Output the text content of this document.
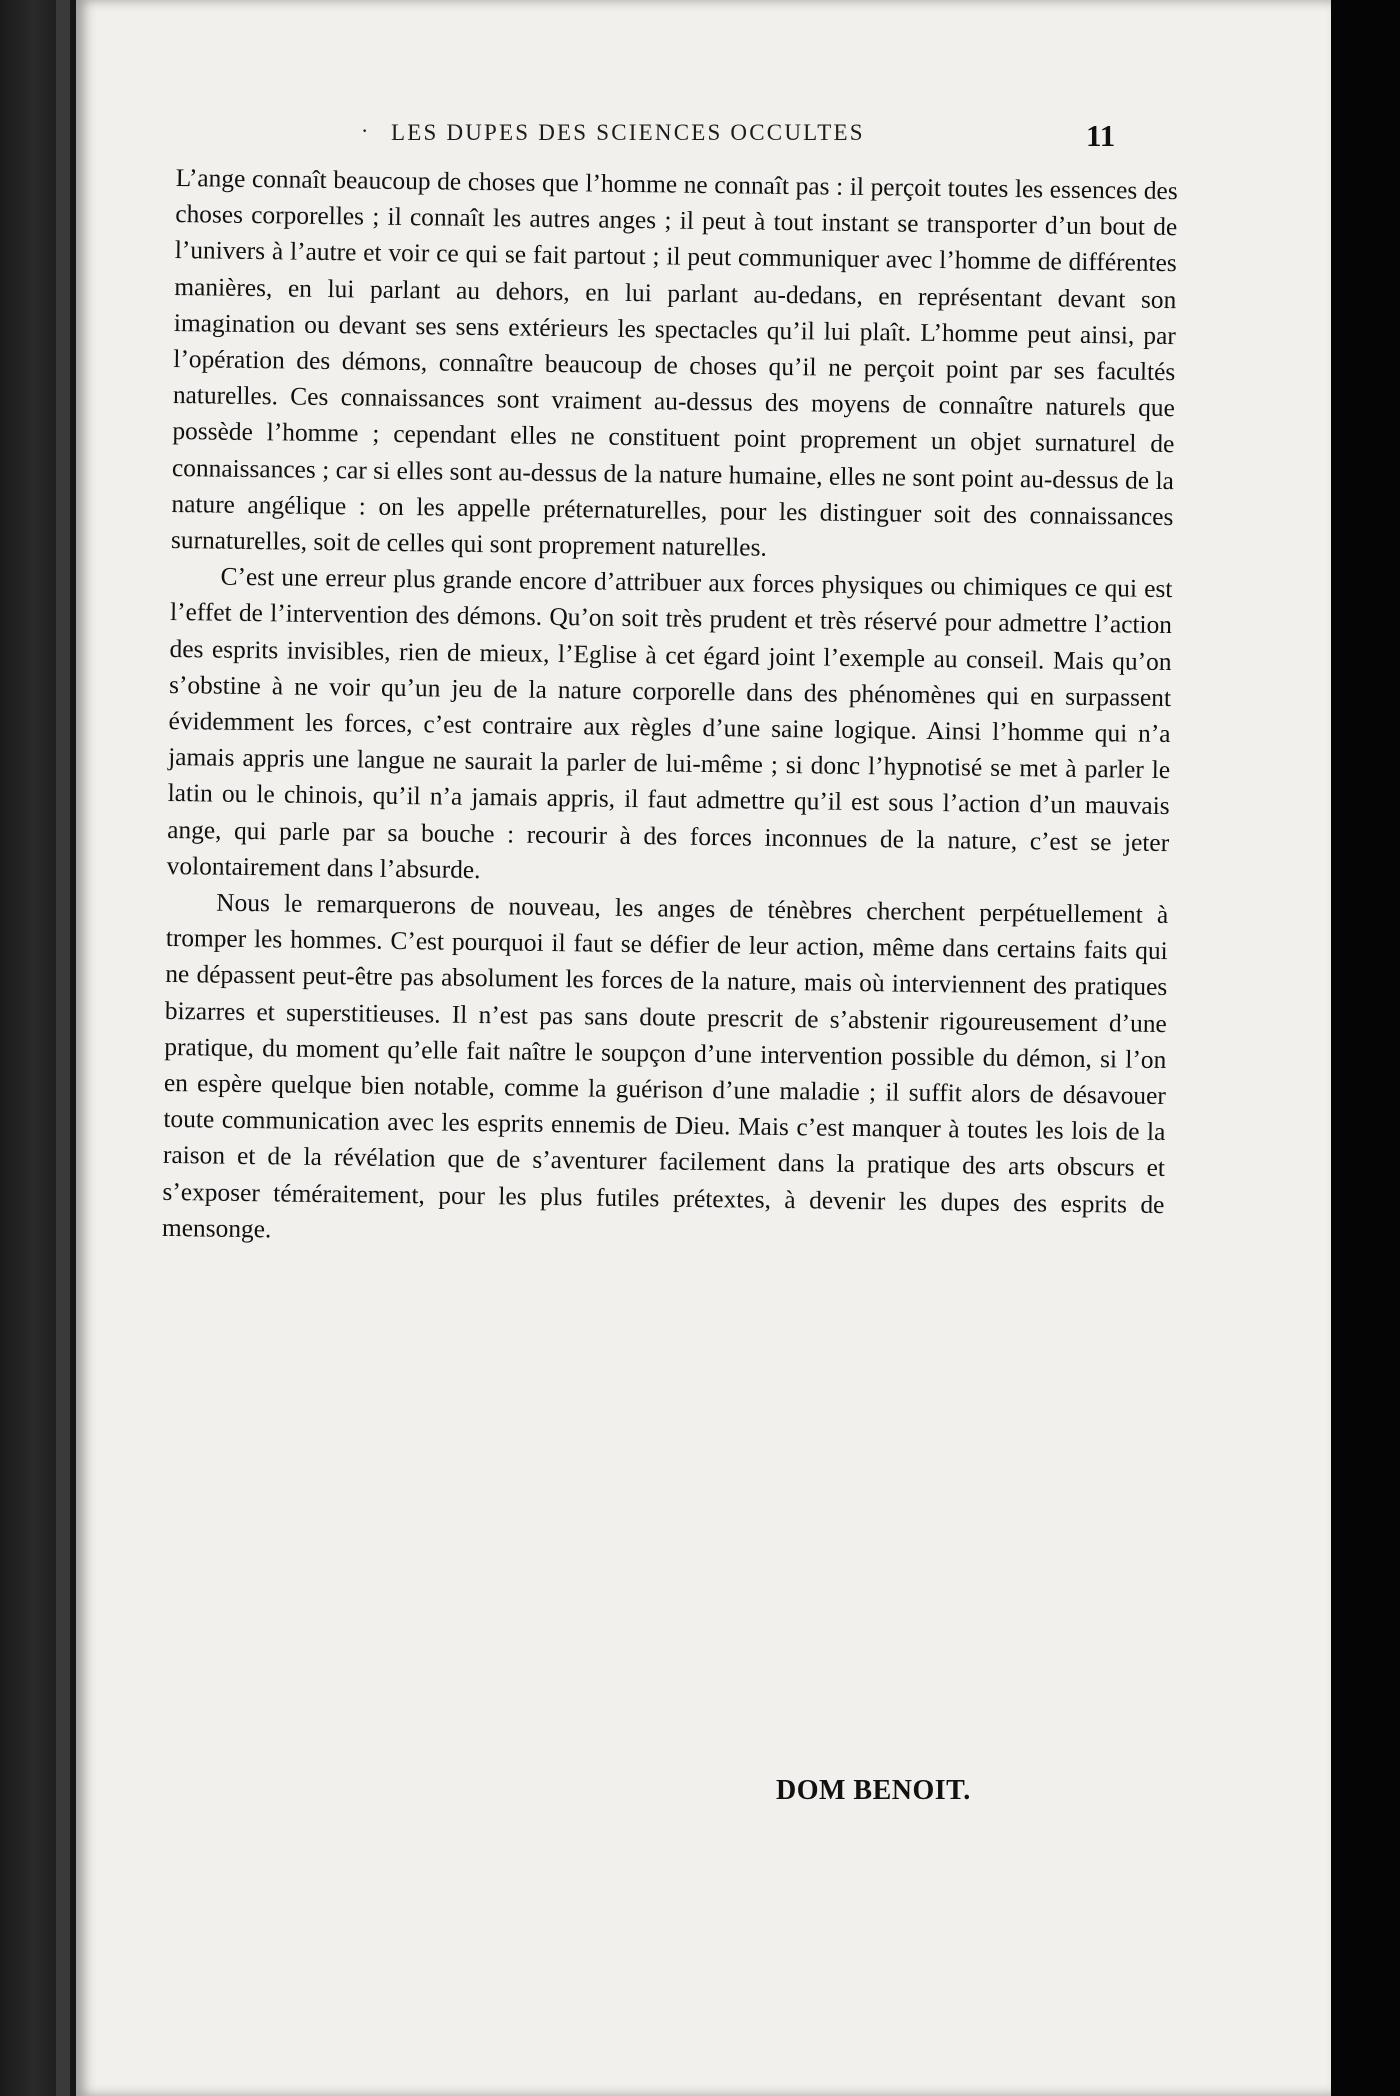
· LES DUPES DES SCIENCES OCCULTES	11

L’ange connaît beaucoup de choses que l’homme ne connaît pas : il perçoit toutes les essences des choses corporelles ; il connaît les autres anges ; il peut à tout instant se transporter d’un bout de l’univers à l’autre et voir ce qui se fait partout ; il peut communiquer avec l’homme de différentes manières, en lui parlant au dehors, en lui parlant au-dedans, en représentant devant son imagination ou devant ses sens extérieurs les spectacles qu’il lui plaît. L’homme peut ainsi, par l’opération des démons, connaître beaucoup de choses qu’il ne perçoit point par ses facultés naturelles. Ces connaissances sont vraiment au-dessus des moyens de connaître naturels que possède l’homme ; cependant elles ne constituent point proprement un objet surnaturel de connaissances ; car si elles sont au-dessus de la nature humaine, elles ne sont point au-dessus de la nature angélique : on les appelle préternaturelles, pour les distinguer soit des connaissances surnaturelles, soit de celles qui sont proprement naturelles.

C’est une erreur plus grande encore d’attribuer aux forces physiques ou chimiques ce qui est l’effet de l’intervention des démons. Qu’on soit très prudent et très réservé pour admettre l’action des esprits invisibles, rien de mieux, l’Eglise à cet égard joint l’exemple au conseil. Mais qu’on s’obstine à ne voir qu’un jeu de la nature corporelle dans des phénomènes qui en surpassent évidemment les forces, c’est contraire aux règles d’une saine logique. Ainsi l’homme qui n’a jamais appris une langue ne saurait la parler de lui-même ; si donc l’hypnotisé se met à parler le latin ou le chinois, qu’il n’a jamais appris, il faut admettre qu’il est sous l’action d’un mauvais ange, qui parle par sa bouche : recourir à des forces inconnues de la nature, c’est se jeter volontairement dans l’absurde.

Nous le remarquerons de nouveau, les anges de ténèbres cherchent perpétuellement à tromper les hommes. C’est pourquoi il faut se défier de leur action, même dans certains faits qui ne dépassent peut-être pas absolument les forces de la nature, mais où interviennent des pratiques bizarres et superstitieuses. Il n’est pas sans doute prescrit de s’abstenir rigoureusement d’une pratique, du moment qu’elle fait naître le soupçon d’une intervention possible du démon, si l’on en espère quelque bien notable, comme la guérison d’une maladie ; il suffit alors de désavouer toute communication avec les esprits ennemis de Dieu. Mais c’est manquer à toutes les lois de la raison et de la révélation que de s’aventurer facilement dans la pratique des arts obscurs et s’exposer téméraitement, pour les plus futiles prétextes, à devenir les dupes des esprits de mensonge.

DOM BENOIT.
